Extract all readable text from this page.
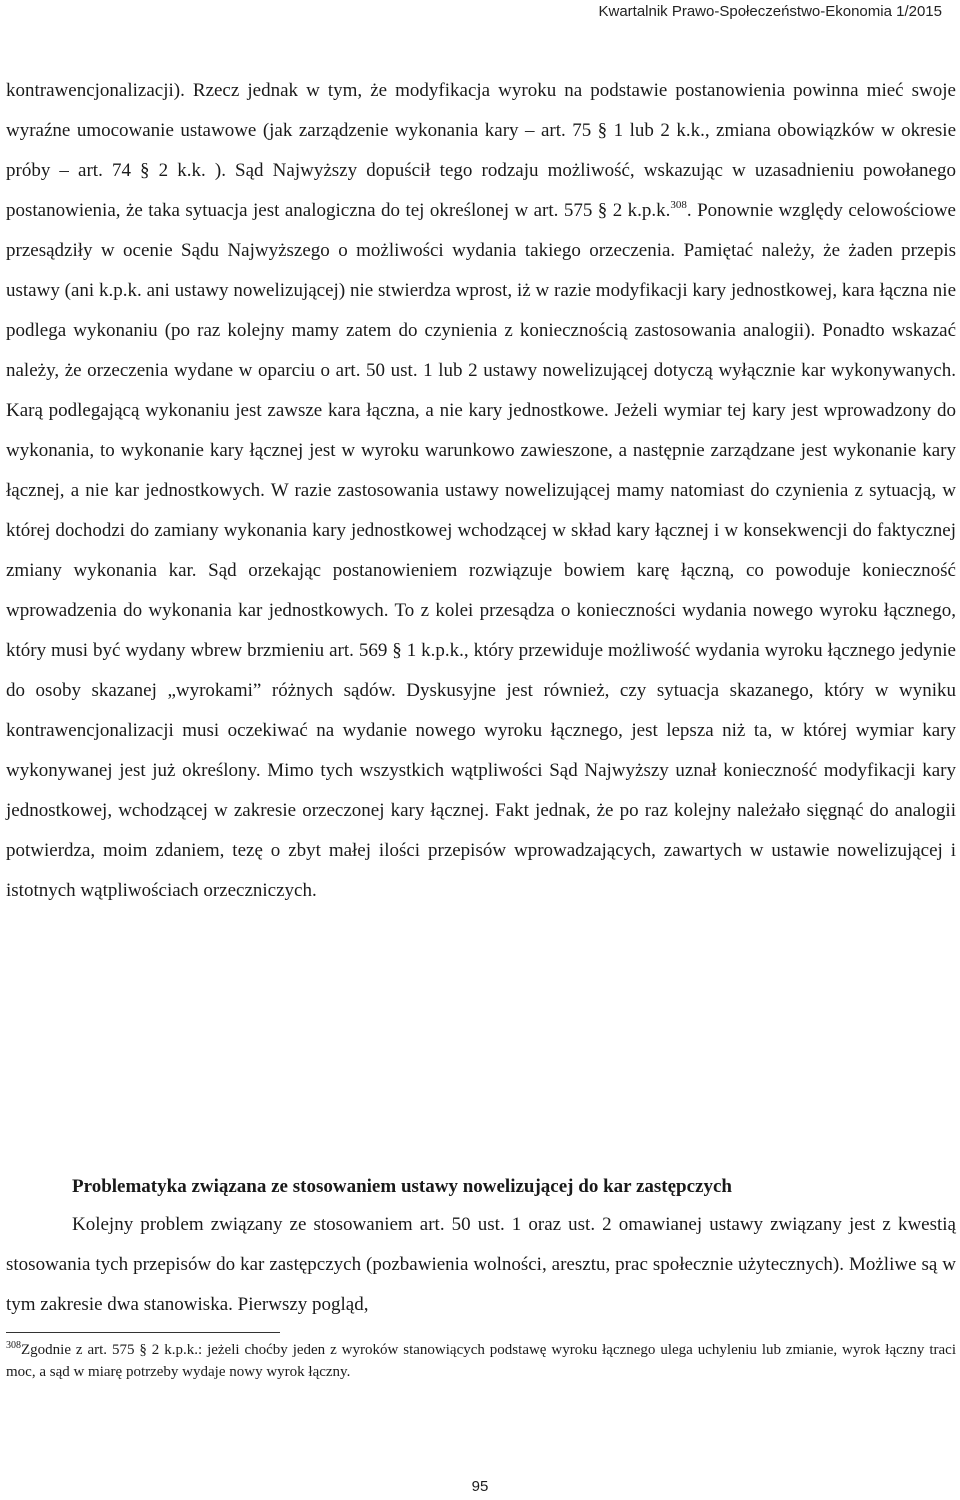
Kwartalnik Prawo-Społeczeństwo-Ekonomia 1/2015

kontrawencjonalizacji). Rzecz jednak w tym, że modyfikacja wyroku na podstawie postanowienia powinna mieć swoje wyraźne umocowanie ustawowe (jak zarządzenie wykonania kary – art. 75 § 1 lub 2 k.k., zmiana obowiązków w okresie próby – art. 74 § 2 k.k. ). Sąd Najwyższy dopuścił tego rodzaju możliwość, wskazując w uzasadnieniu powołanego postanowienia, że taka sytuacja jest analogiczna do tej określonej w art. 575 § 2 k.p.k.$^{308}$. Ponownie względy celowościowe przesądziły w ocenie Sądu Najwyższego o możliwości wydania takiego orzeczenia. Pamiętać należy, że żaden przepis ustawy (ani k.p.k. ani ustawy nowelizującej) nie stwierdza wprost, iż w razie modyfikacji kary jednostkowej, kara łączna nie podlega wykonaniu (po raz kolejny mamy zatem do czynienia z koniecznością zastosowania analogii). Ponadto wskazać należy, że orzeczenia wydane w oparciu o art. 50 ust. 1 lub 2 ustawy nowelizującej dotyczą wyłącznie kar wykonywanych. Karą podlegającą wykonaniu jest zawsze kara łączna, a nie kary jednostkowe. Jeżeli wymiar tej kary jest wprowadzony do wykonania, to wykonanie kary łącznej jest w wyroku warunkowo zawieszone, a następnie zarządzane jest wykonanie kary łącznej, a nie kar jednostkowych. W razie zastosowania ustawy nowelizującej mamy natomiast do czynienia z sytuacją, w której dochodzi do zamiany wykonania kary jednostkowej wchodzącej w skład kary łącznej i w konsekwencji do faktycznej zmiany wykonania kar. Sąd orzekając postanowieniem rozwiązuje bowiem karę łączną, co powoduje konieczność wprowadzenia do wykonania kar jednostkowych. To z kolei przesądza o konieczności wydania nowego wyroku łącznego, który musi być wydany wbrew brzmieniu art. 569 § 1 k.p.k., który przewiduje możliwość wydania wyroku łącznego jedynie do osoby skazanej „wyrokami” różnych sądów. Dyskusyjne jest również, czy sytuacja skazanego, który w wyniku kontrawencjonalizacji musi oczekiwać na wydanie nowego wyroku łącznego, jest lepsza niż ta, w której wymiar kary wykonywanej jest już określony. Mimo tych wszystkich wątpliwości Sąd Najwyższy uznał konieczność modyfikacji kary jednostkowej, wchodzącej w zakresie orzeczonej kary łącznej. Fakt jednak, że po raz kolejny należało sięgnąć do analogii potwierdza, moim zdaniem, tezę o zbyt małej ilości przepisów wprowadzających, zawartych w ustawie nowelizującej i istotnych wątpliwościach orzeczniczych.

Problematyka związana ze stosowaniem ustawy nowelizującej do kar zastępczych

Kolejny problem związany ze stosowaniem art. 50 ust. 1 oraz ust. 2 omawianej ustawy związany jest z kwestią stosowania tych przepisów do kar zastępczych (pozbawienia wolności, aresztu, prac społecznie użytecznych). Możliwe są w tym zakresie dwa stanowiska. Pierwszy pogląd,

$^{308}$Zgodnie z art. 575 § 2 k.p.k.: jeżeli choćby jeden z wyroków stanowiących podstawę wyroku łącznego ulega uchyleniu lub zmianie, wyrok łączny traci moc, a sąd w miarę potrzeby wydaje nowy wyrok łączny.
95
